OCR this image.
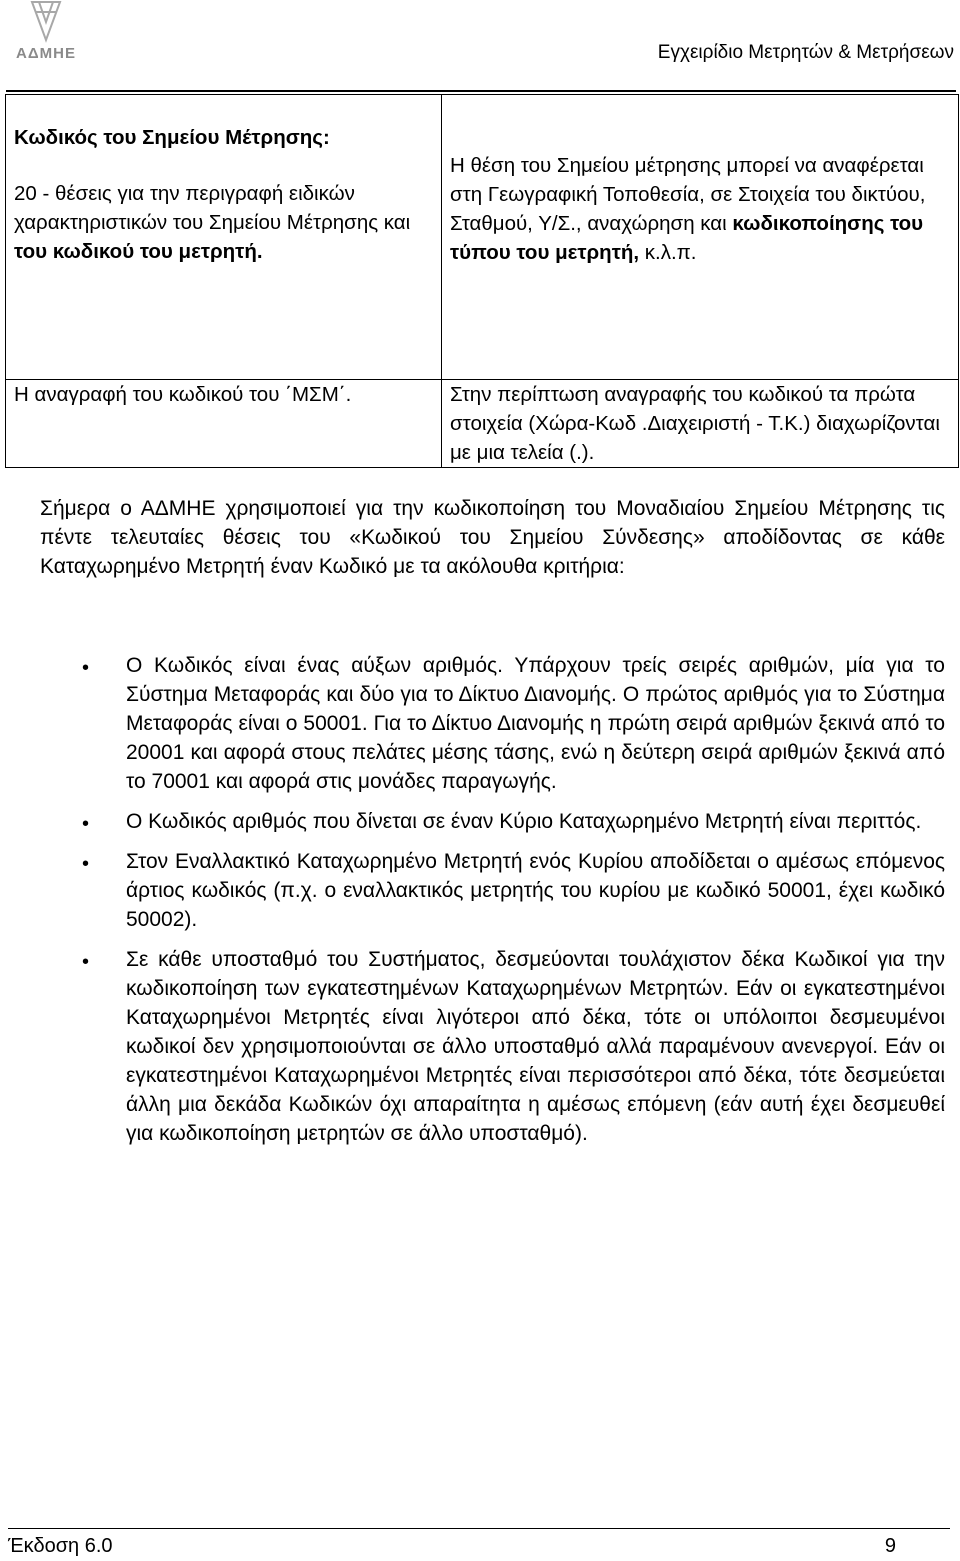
ΑΔΜΗΕ	Εγχειρίδιο Μετρητών & Μετρήσεων
Κωδικός του Σημείου Μέτρησης:

20 - θέσεις για την περιγραφή ειδικών χαρακτηριστικών του Σημείου Μέτρησης και του κωδικού του μετρητή.	Η θέση του Σημείου μέτρησης μπορεί να αναφέρεται στη Γεωγραφική Τοποθεσία, σε Στοιχεία του δικτύου, Σταθμού, Υ/Σ., αναχώρηση και κωδικοποίησης του τύπου του μετρητή, κ.λ.π.

Η αναγραφή του κωδικού του ΄ΜΣΜ΄.	Στην περίπτωση αναγραφής του κωδικού τα πρώτα στοιχεία (Χώρα-Κωδ .Διαχειριστή - Τ.Κ.) διαχωρίζονται με μια τελεία (.).

Σήμερα ο ΑΔΜΗΕ χρησιμοποιεί για την κωδικοποίηση του Μοναδιαίου Σημείου Μέτρησης τις πέντε τελευταίες θέσεις του «Κωδικού του Σημείου Σύνδεσης» αποδίδοντας σε κάθε Καταχωρημένο Μετρητή έναν Κωδικό με τα ακόλουθα κριτήρια:

• Ο Κωδικός είναι ένας αύξων αριθμός. Υπάρχουν τρείς σειρές αριθμών, μία για το Σύστημα Μεταφοράς και δύο για το Δίκτυο Διανομής. Ο πρώτος αριθμός για το Σύστημα Μεταφοράς είναι ο 50001. Για το Δίκτυο Διανομής η πρώτη σειρά αριθμών ξεκινά από το 20001 και αφορά στους πελάτες μέσης τάσης, ενώ η δεύτερη σειρά αριθμών ξεκινά από το 70001 και αφορά στις μονάδες παραγωγής.
• Ο Κωδικός αριθμός που δίνεται σε έναν Κύριο Καταχωρημένο Μετρητή είναι περιττός.
• Στον Εναλλακτικό Καταχωρημένο Μετρητή ενός Κυρίου αποδίδεται ο αμέσως επόμενος άρτιος κωδικός (π.χ. ο εναλλακτικός μετρητής του κυρίου με κωδικό 50001, έχει κωδικό 50002).
• Σε κάθε υποσταθμό του Συστήματος, δεσμεύονται τουλάχιστον δέκα Κωδικοί για την κωδικοποίηση των εγκατεστημένων Καταχωρημένων Μετρητών. Εάν οι εγκατεστημένοι Καταχωρημένοι Μετρητές είναι λιγότεροι από δέκα, τότε οι υπόλοιποι δεσμευμένοι κωδικοί δεν χρησιμοποιούνται σε άλλο υποσταθμό αλλά παραμένουν ανενεργοί. Εάν οι εγκατεστημένοι Καταχωρημένοι Μετρητές είναι περισσότεροι από δέκα, τότε δεσμεύεται άλλη μια δεκάδα Κωδικών όχι απαραίτητα η αμέσως επόμενη (εάν αυτή έχει δεσμευθεί για κωδικοποίηση μετρητών σε άλλο υποσταθμό).
Έκδοση 6.0	9
